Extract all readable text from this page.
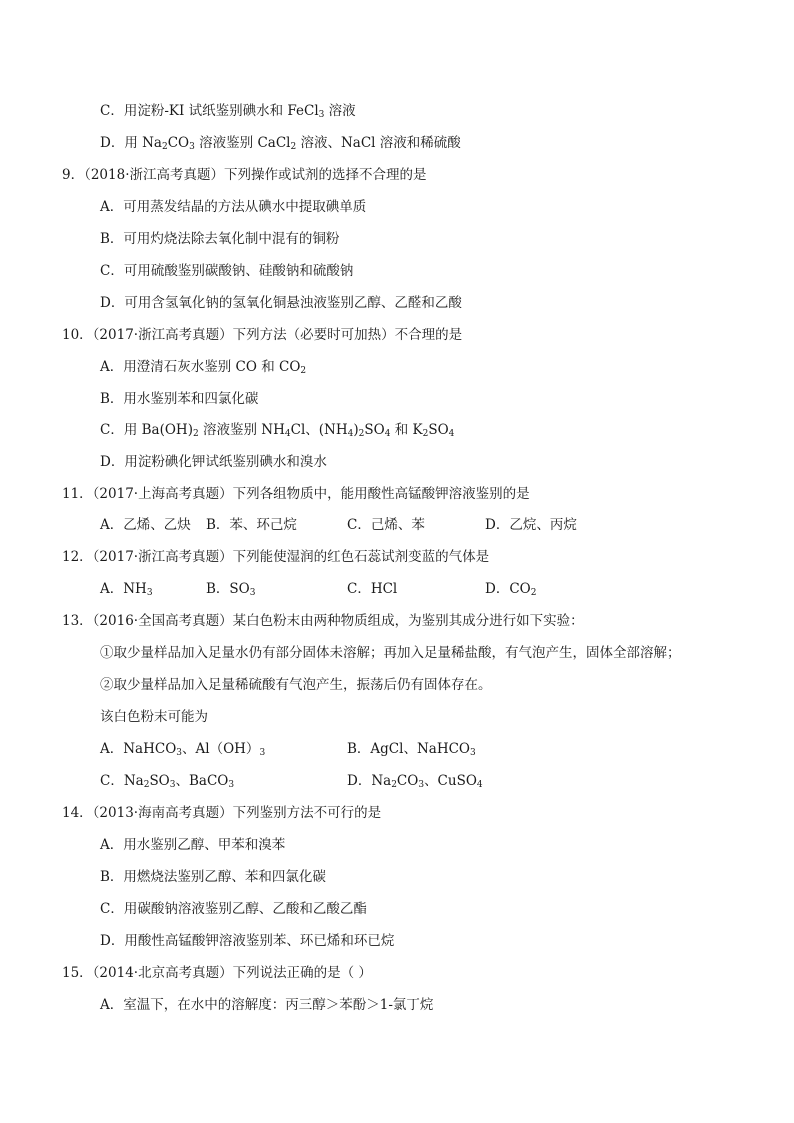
C．用淀粉-KI 试纸鉴别碘水和 FeCl$_3$ 溶液
D．用 $Na_2CO_3$ 溶液鉴别 CaCl$_2$ 溶液、NaCl 溶液和稀硫酸
9．（2018·浙江高考真题）下列操作或试剂的选择不合理的是
A．可用蒸发结晶的方法从碘水中提取碘单质
B．可用灼烧法除去氧化制中混有的铜粉
C．可用硫酸鉴别碳酸钠、硅酸钠和硫酸钠
D．可用含氢氧化钠的氢氧化铜悬浊液鉴别乙醇、乙醛和乙酸
10．（2017·浙江高考真题）下列方法（必要时可加热）不合理的是
A．用澄清石灰水鉴别 CO 和 $CO_2$
B．用水鉴别苯和四氯化碳
C．用 $Ba(OH)_2$ 溶液鉴别 $NH_4Cl$、$(NH_4)_2SO_4$ 和 $K_2SO_4$
D．用淀粉碘化钾试纸鉴别碘水和溴水
11．（2017·上海高考真题）下列各组物质中，能用酸性高锰酸钾溶液鉴别的是
A．乙烯、乙炔 B．苯、环己烷	C．己烯、苯	D．乙烷、丙烷
12．（2017·浙江高考真题）下列能使湿润的红色石蕊试剂变蓝的气体是
A．$NH_3$	B．$SO_3$	C．HCl	D．$CO_2$
13．（2016·全国高考真题）某白色粉末由两种物质组成，为鉴别其成分进行如下实验：
①取少量样品加入足量水仍有部分固体未溶解；再加入足量稀盐酸，有气泡产生，固体全部溶解；
②取少量样品加入足量稀硫酸有气泡产生，振荡后仍有固体存在。
该白色粉末可能为
A．NaHCO$_3$、$Al(OH)_3$	B．AgCl、NaHCO$_3$
C．$Na_2SO_3$、BaCO$_3$	D．$Na_2CO_3$、CuSO$_4$
14．（2013·海南高考真题）下列鉴别方法不可行的是
A．用水鉴别乙醇、甲苯和溴苯
B．用燃烧法鉴别乙醇、苯和四氯化碳
C．用碳酸钠溶液鉴别乙醇、乙酸和乙酸乙酯
D．用酸性高锰酸钾溶液鉴别苯、环已烯和环已烷
15．（2014·北京高考真题）下列说法正确的是（ ）
A．室温下，在水中的溶解度：丙三醇＞苯酚＞1-氯丁烷
